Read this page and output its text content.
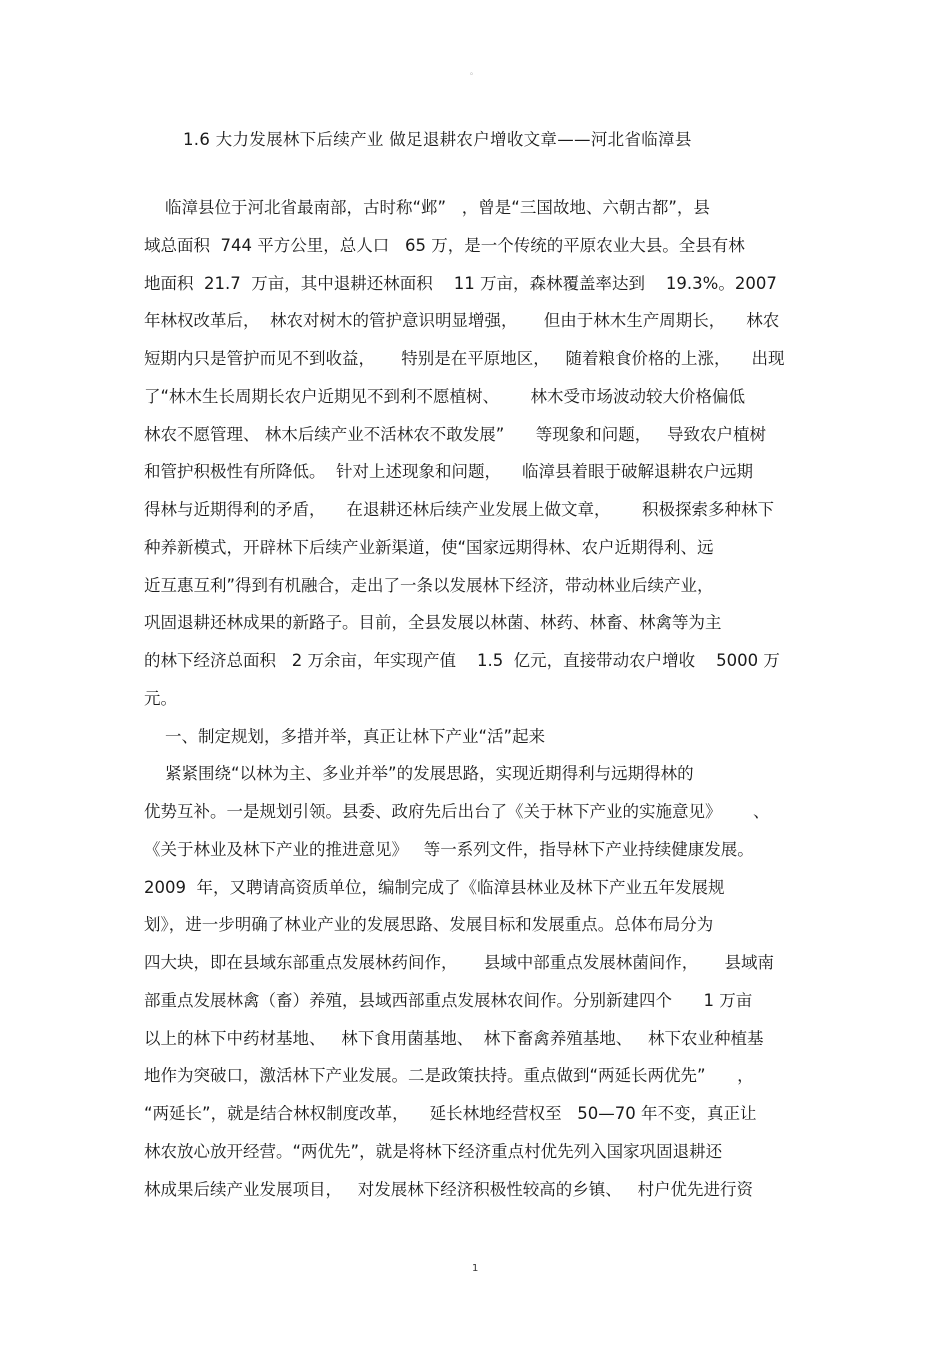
。
1.6 大力发展林下后续产业 做足退耕农户增收文章——河北省临漳县
临漳县位于河北省最南部，古时称“邺”   ，曾是“三国故地、六朝古都”，县
域总面积  744 平方公里，总人口   65 万，是一个传统的平原农业大县。全县有林
地面积  21.7  万亩，其中退耕还林面积    11 万亩，森林覆盖率达到    19.3%。2007
年林权改革后，  林农对树木的管护意识明显增强，     但由于林木生产周期长，    林农
短期内只是管护而见不到收益，     特别是在平原地区，   随着粮食价格的上涨，    出现
了“林木生长周期长农户近期见不到利不愿植树、      林木受市场波动较大价格偏低
林农不愿管理、 林木后续产业不活林农不敢发展”      等现象和问题，   导致农户植树
和管护积极性有所降低。  针对上述现象和问题，    临漳县着眼于破解退耕农户远期
得林与近期得利的矛盾，    在退耕还林后续产业发展上做文章，      积极探索多种林下
种养新模式，开辟林下后续产业新渠道，使“国家远期得林、农户近期得利、远
近互惠互利”得到有机融合，走出了一条以发展林下经济，带动林业后续产业，
巩固退耕还林成果的新路子。目前，全县发展以林菌、林药、林畜、林禽等为主
的林下经济总面积   2 万余亩，年实现产值    1.5  亿元，直接带动农户增收    5000 万
元。
一、制定规划，多措并举，真正让林下产业“活”起来
紧紧围绕“以林为主、多业并举”的发展思路，实现近期得利与远期得林的
优势互补。一是规划引领。县委、政府先后出台了《关于林下产业的实施意见》      、
《关于林业及林下产业的推进意见》   等一系列文件，指导林下产业持续健康发展。
2009  年，又聘请高资质单位，编制完成了《临漳县林业及林下产业五年发展规
划》，进一步明确了林业产业的发展思路、发展目标和发展重点。总体布局分为
四大块，即在县域东部重点发展林药间作，     县域中部重点发展林菌间作，     县域南
部重点发展林禽（畜）养殖，县域西部重点发展林农间作。分别新建四个      1 万亩
以上的林下中药材基地、   林下食用菌基地、  林下畜禽养殖基地、   林下农业种植基
地作为突破口，激活林下产业发展。二是政策扶持。重点做到“两延长两优先”      ，
“两延长”，就是结合林权制度改革，    延长林地经营权至   50—70 年不变，真正让
林农放心放开经营。“两优先”，就是将林下经济重点村优先列入国家巩固退耕还
林成果后续产业发展项目，   对发展林下经济积极性较高的乡镇、   村户优先进行资
1
